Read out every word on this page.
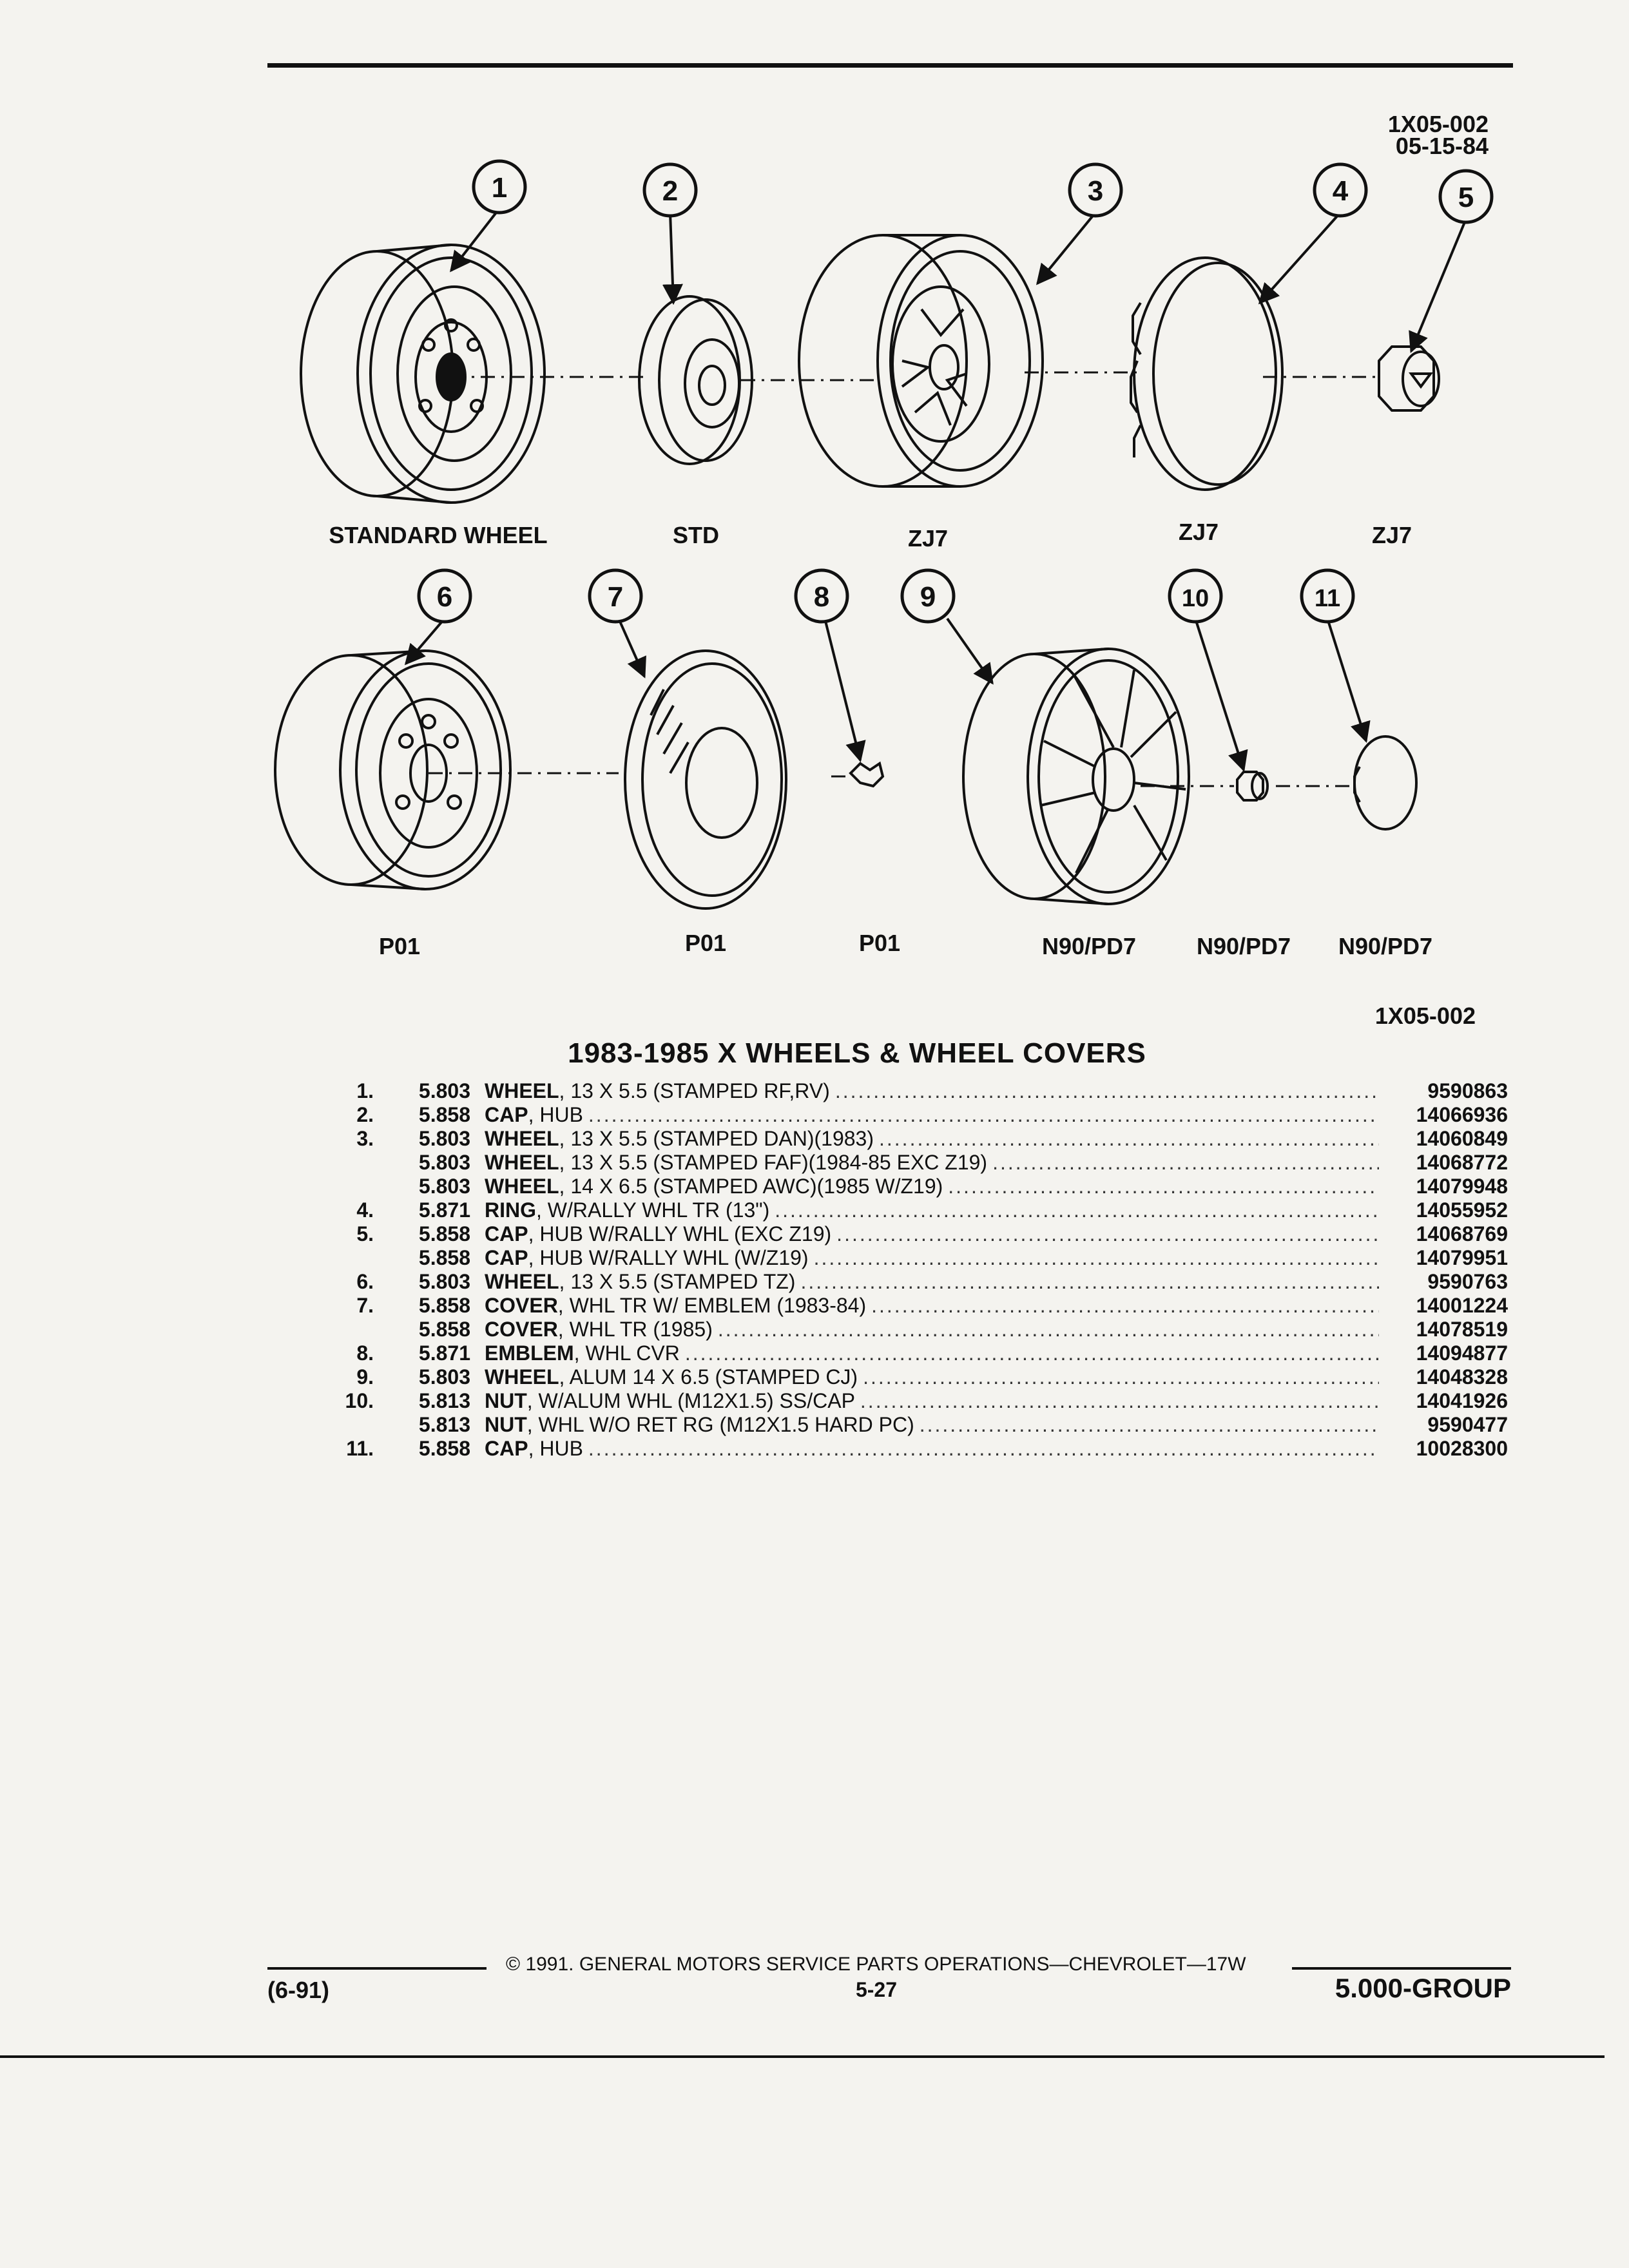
1X05-002
05-15-84
1	2	3	4	5
6	7	8	9	10	11
STANDARD WHEEL	STD	ZJ7	ZJ7	ZJ7
P01	P01	P01	N90/PD7	N90/PD7	N90/PD7
1X05-002
1983-1985 X WHEELS & WHEEL COVERS
1.	5.803 WHEEL , 13 X 5.5 (STAMPED RF,RV) .....	9590863
2.	5.858 CAP , HUB .....	14066936
3.	5.803 WHEEL , 13 X 5.5 (STAMPED DAN)(1983) .....	14060849
5.803 WHEEL , 13 X 5.5 (STAMPED FAF)(1984-85 EXC Z19) .....	14068772
5.803 WHEEL , 14 X 6.5 (STAMPED AWC)(1985 W/Z19) .....	14079948
4.	5.871 RING , W/RALLY WHL TR (13") .....	14055952
5.	5.858 CAP , HUB W/RALLY WHL (EXC Z19) .....	14068769
5.858 CAP , HUB W/RALLY WHL (W/Z19) .....	14079951
6.	5.803 WHEEL , 13 X 5.5 (STAMPED TZ) .....	9590763
7.	5.858 COVER , WHL TR W/ EMBLEM (1983-84) .....	14001224
5.858 COVER , WHL TR (1985) .....	14078519
8.	5.871 EMBLEM , WHL CVR .....	14094877
9.	5.803 WHEEL , ALUM 14 X 6.5 (STAMPED CJ) .....	14048328
10.	5.813 NUT , W/ALUM WHL (M12X1.5) SS/CAP .....	14041926
5.813 NUT , WHL W/O RET RG (M12X1.5 HARD PC) .....	9590477
11.	5.858 CAP , HUB .....	10028300
© 1991. GENERAL MOTORS SERVICE PARTS OPERATIONS—CHEVROLET—17W
(6-91)	5-27	5.000-GROUP
